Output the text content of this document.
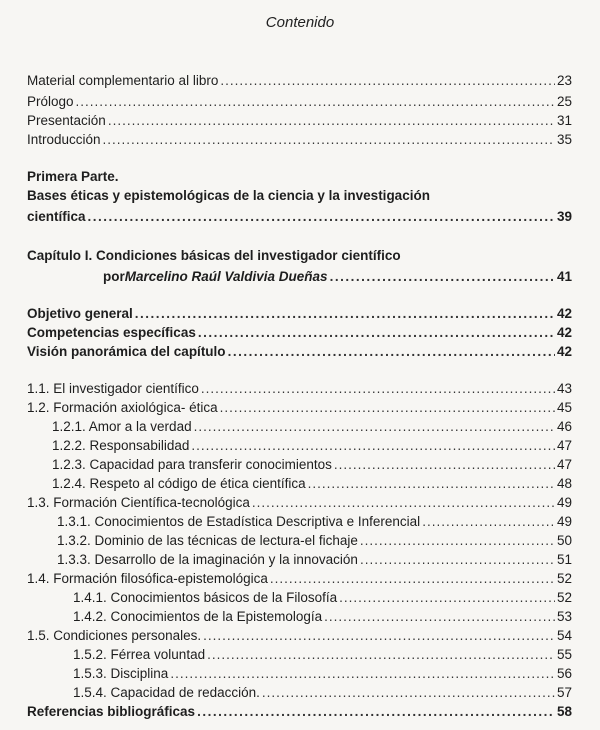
Contenido
Material complementario al libro .....	23
Prólogo .....	25
Presentación .....	31
Introducción .....	35
Primera Parte.
Bases éticas y epistemológicas de la ciencia y la investigación
científica .....	39
Capítulo I. Condiciones básicas del investigador científico
por Marcelino Raúl Valdivia Dueñas .....	41
Objetivo general .....	42
Competencias específicas .....	42
Visión panorámica del capítulo .....	42
1.1. El investigador científico .....	43
1.2. Formación axiológica- ética .....	45
1.2.1. Amor a la verdad .....	46
1.2.2. Responsabilidad .....	47
1.2.3. Capacidad para transferir conocimientos .....	47
1.2.4. Respeto al código de ética científica .....	48
1.3. Formación Científica-tecnológica .....	49
1.3.1. Conocimientos de Estadística Descriptiva e Inferencial .....	49
1.3.2. Dominio de las técnicas de lectura-el fichaje .....	50
1.3.3. Desarrollo de la imaginación y la innovación .....	51
1.4. Formación filosófica-epistemológica .....	52
1.4.1. Conocimientos básicos de la Filosofía .....	52
1.4.2. Conocimientos de la Epistemología .....	53
1.5. Condiciones personales. .....	54
1.5.2. Férrea voluntad .....	55
1.5.3. Disciplina .....	56
1.5.4. Capacidad de redacción. .....	57
Referencias bibliográficas .....	58
